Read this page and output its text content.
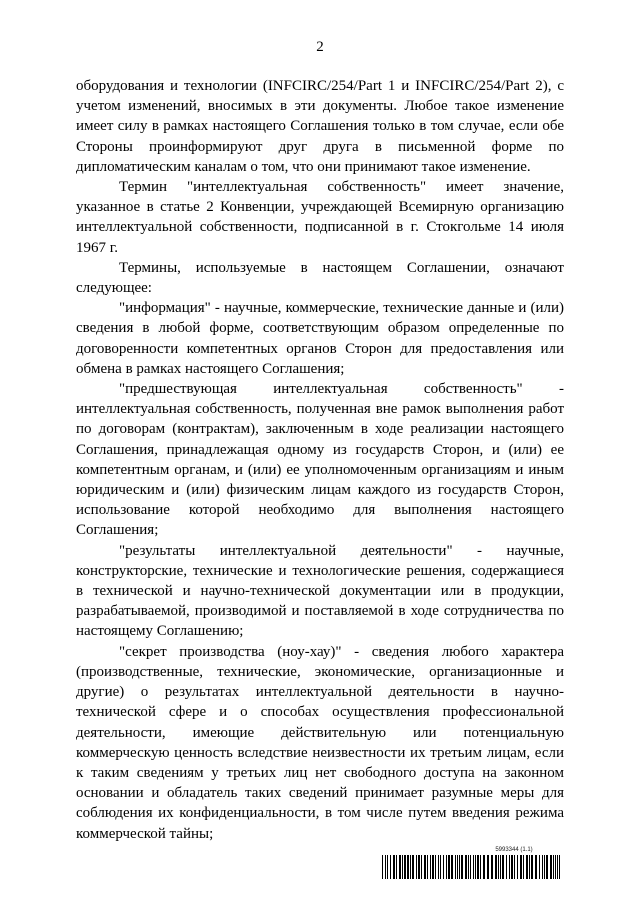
2

оборудования и технологии (INFCIRC/254/Part 1 и INFCIRC/254/Part 2), с учетом изменений, вносимых в эти документы. Любое такое изменение имеет силу в рамках настоящего Соглашения только в том случае, если обе Стороны проинформируют друг друга в письменной форме по дипломатическим каналам о том, что они принимают такое изменение.

Термин "интеллектуальная собственность" имеет значение, указанное в статье 2 Конвенции, учреждающей Всемирную организацию интеллектуальной собственности, подписанной в г. Стокгольме 14 июля 1967 г.

Термины, используемые в настоящем Соглашении, означают следующее:

"информация" - научные, коммерческие, технические данные и (или) сведения в любой форме, соответствующим образом определенные по договоренности компетентных органов Сторон для предоставления или обмена в рамках настоящего Соглашения;

"предшествующая интеллектуальная собственность" - интеллектуальная собственность, полученная вне рамок выполнения работ по договорам (контрактам), заключенным в ходе реализации настоящего Соглашения, принадлежащая одному из государств Сторон, и (или) ее компетентным органам, и (или) ее уполномоченным организациям и иным юридическим и (или) физическим лицам каждого из государств Сторон, использование которой необходимо для выполнения настоящего Соглашения;

"результаты интеллектуальной деятельности" - научные, конструкторские, технические и технологические решения, содержащиеся в технической и научно-технической документации или в продукции, разрабатываемой, производимой и поставляемой в ходе сотрудничества по настоящему Соглашению;

"секрет производства (ноу-хау)" - сведения любого характера (производственные, технические, экономические, организационные и другие) о результатах интеллектуальной деятельности в научно-технической сфере и о способах осуществления профессиональной деятельности, имеющие действительную или потенциальную коммерческую ценность вследствие неизвестности их третьим лицам, если к таким сведениям у третьих лиц нет свободного доступа на законном основании и обладатель таких сведений принимает разумные меры для соблюдения их конфиденциальности, в том числе путем введения режима коммерческой тайны;

5993344 (1.1)
